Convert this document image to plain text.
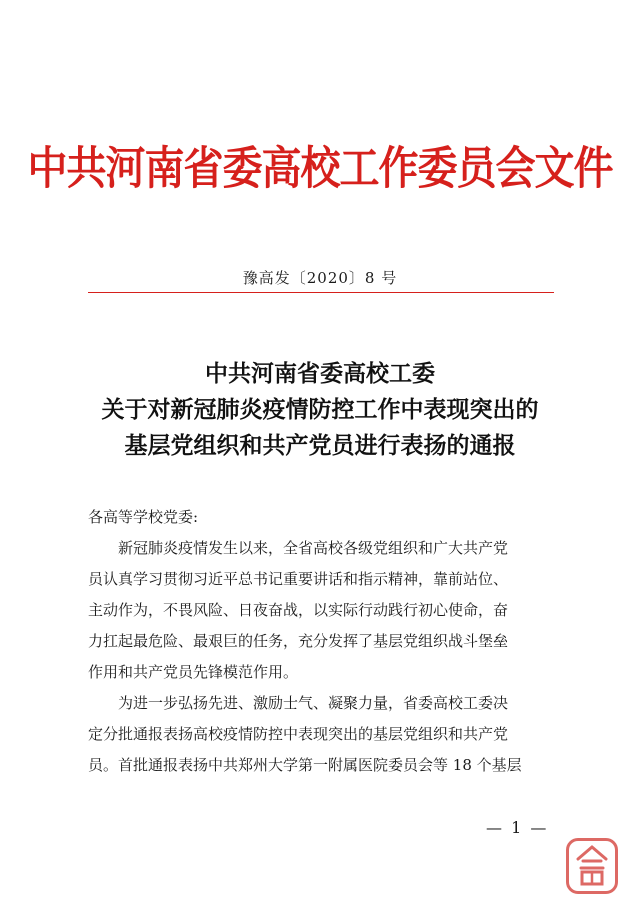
中共河南省委高校工作委员会文件
豫高发〔2020〕8 号
中共河南省委高校工委
关于对新冠肺炎疫情防控工作中表现突出的
基层党组织和共产党员进行表扬的通报

各高等学校党委:

新冠肺炎疫情发生以来，全省高校各级党组织和广大共产党
员认真学习贯彻习近平总书记重要讲话和指示精神，靠前站位、
主动作为，不畏风险、日夜奋战，以实际行动践行初心使命，奋
力扛起最危险、最艰巨的任务，充分发挥了基层党组织战斗堡垒
作用和共产党员先锋模范作用。

为进一步弘扬先进、激励士气、凝聚力量，省委高校工委决
定分批通报表扬高校疫情防控中表现突出的基层党组织和共产党
员。首批通报表扬中共郑州大学第一附属医院委员会等 18 个基层

— 1 —
